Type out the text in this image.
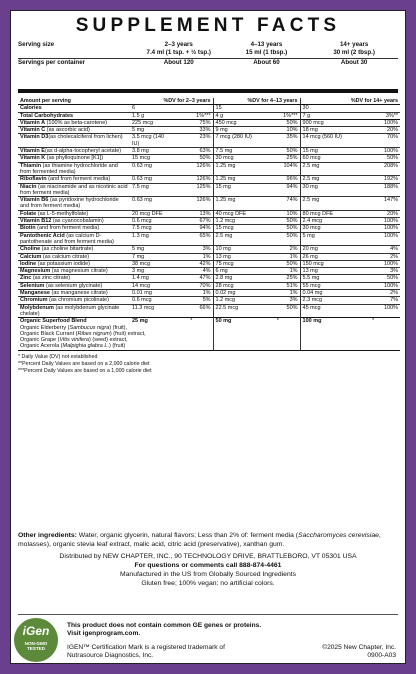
SUPPLEMENT FACTS
Serving size	2–3 years	4–13 years	14+ years
7.4 ml (1 tsp. + ½ tsp.)	15 ml (1 tbsp.)	30 ml (2 tbsp.)
Servings per container	About 120	About 60	About 30
Amount per serving	%DV for 2–3 years		%DV for 4–13 years		%DV for 14+ years	
Calories	6		15		30	
Total Carbohydrates	1.5 g	1%***	4 g	1%***	7 g	3%**
Vitamin A (100% as beta-carotene)	225 mcg	75%	450 mcg	50%	900 mcg	100%
Vitamin C (as ascorbic acid)	5 mg	33%	9 mg	10%	18 mg	20%
Vitamin D3(as cholecalciferol from lichen)	3.5 mcg (140 IU)	23%	7 mcg (280 IU)	35%	14 mcg (560 IU)	70%
Vitamin E(as d-alpha-tocopheryl acetate)	3.8 mg	63%	7.5 mg	50%	15 mg	100%
Vitamin K (as phylloquinone [K1])	15 mcg	50%	30 mcg	25%	60 mcg	50%
Thiamin (as thiamine hydrochloride and from fermented media)	0.63 mg	126%	1.25 mg	104%	2.5 mg	208%
Riboflavin (and from ferment media)	0.63 mg	126%	1.25 mg	96%	2.5 mg	192%
Niacin (as niacinamide and as nicotinic acid from ferment media)	7.5 mg	125%	15 mg	94%	30 mg	188%
Vitamin B6 (as pyridoxine hydrochloride and from ferment media)	0.63 mg	126%	1.25 mg	74%	2.5 mg	147%
Folate (as L-5-methylfolate)	20 mcg DFE	13%	40 mcg DFE	10%	80 mcg DFE	20%
Vitamin B12 (as cyanocobalamin)	0.6 mcg	67%	1.2 mcg	50%	2.4 mcg	100%
Biotin (and from ferment media)	7.5 mcg	94%	15 mcg	50%	30 mcg	100%
Pantothenic Acid (as calcium D-pantothenate and from ferment media)	1.3 mg	65%	2.5 mg	50%	5 mg	100%
Choline (as choline bitartrate)	5 mg	3%	10 mg	2%	20 mg	4%
Calcium (as calcium citrate)	7 mg	1%	13 mg	1%	26 mg	2%
Iodine (as potassium iodide)	38 mcg	42%	75 mcg	50%	150 mcg	100%
Magnesium (as magnesium citrate)	3 mg	4%	6 mg	1%	13 mg	3%
Zinc (as zinc citrate)	1.4 mg	47%	2.8 mg	25%	5.5 mg	50%
Selenium (as selenium glycinate)	14 mcg	70%	28 mcg	51%	55 mcg	100%
Manganese (as manganese citrate)	0.01 mg	1%	0.02 mg	1%	0.04 mg	2%
Chromium (as chromium picolinate)	0.6 mcg	5%	1.2 mcg	3%	2.3 mcg	7%
Molybdenum (as molybdenum glycinate chelate)	11.3 mcg	66%	22.5 mcg	50%	45 mcg	100%

Organic Superfood Blend
Organic Elderberry (Sambucus nigra) (fruit),
Organic Black Currant (Ribes nigrum) (fruit) extract,
Organic Grape (Vitis vinifera) (seed) extract,
Organic Acerola (Malpighia glabra L.) (fruit)	25 mg	*	50 mg	*	100 mg	*

* Daily Value (DV) not established
**Percent Daily Values are based on a 2,000 calorie diet
***Percent Daily Values are based on a 1,000 calorie diet
Other ingredients: Water, organic glycerin, natural flavors; Less than 2% of: ferment media (Saccharomyces cerevisiae, molasses), organic stevia leaf extract, malic acid, citric acid (preservative), xanthan gum.
Distributed by NEW CHAPTER, INC., 90 TECHNOLOGY DRIVE, BRATTLEBORO, VT 05301 USA
For questions or comments call 888-874-4461
Manufactured in the US from Globally Sourced Ingredients
Gluten free; 100% vegan; no artificial colors.
iGen
NON-GMO
TESTED
This product does not contain common GE genes or proteins.
Visit igenprogram.com.
IGEN™ Certification Mark is a registered trademark of
Nutrasource Diagnostics, Inc.
©2025 New Chapter, Inc.
0900-A03
